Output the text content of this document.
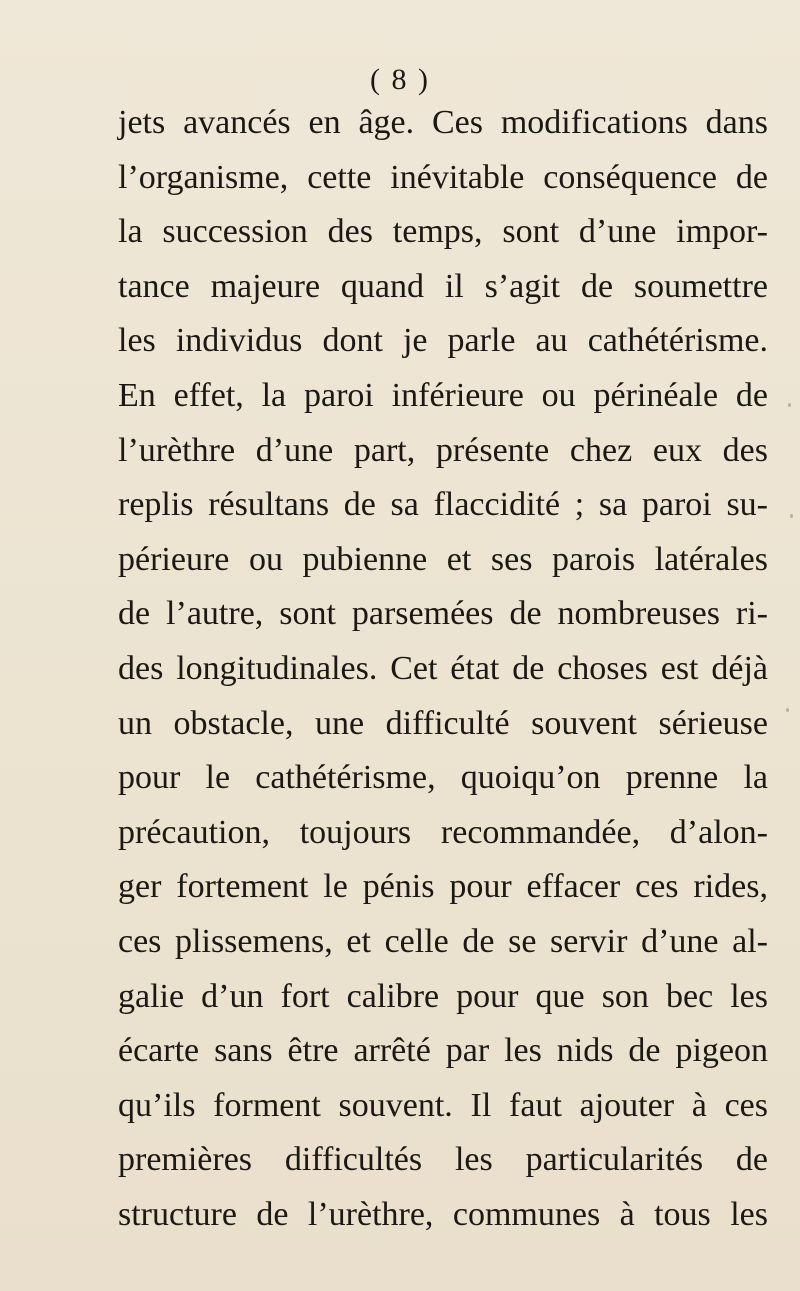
( 8 )
jets avancés en âge. Ces modifications dans
l’organisme, cette inévitable conséquence de
la succession des temps, sont d’une impor-
tance majeure quand il s’agit de soumettre
les individus dont je parle au cathétérisme.
En effet, la paroi inférieure ou périnéale de
l’urèthre d’une part, présente chez eux des
replis résultans de sa flaccidité ; sa paroi su-
périeure ou pubienne et ses parois latérales
de l’autre, sont parsemées de nombreuses ri-
des longitudinales. Cet état de choses est déjà
un obstacle, une difficulté souvent sérieuse
pour le cathétérisme, quoiqu’on prenne la
précaution, toujours recommandée, d’alon-
ger fortement le pénis pour effacer ces rides,
ces plissemens, et celle de se servir d’une al-
galie d’un fort calibre pour que son bec les
écarte sans être arrêté par les nids de pigeon
qu’ils forment souvent. Il faut ajouter à ces
premières difficultés les particularités de
structure de l’urèthre, communes à tous les
